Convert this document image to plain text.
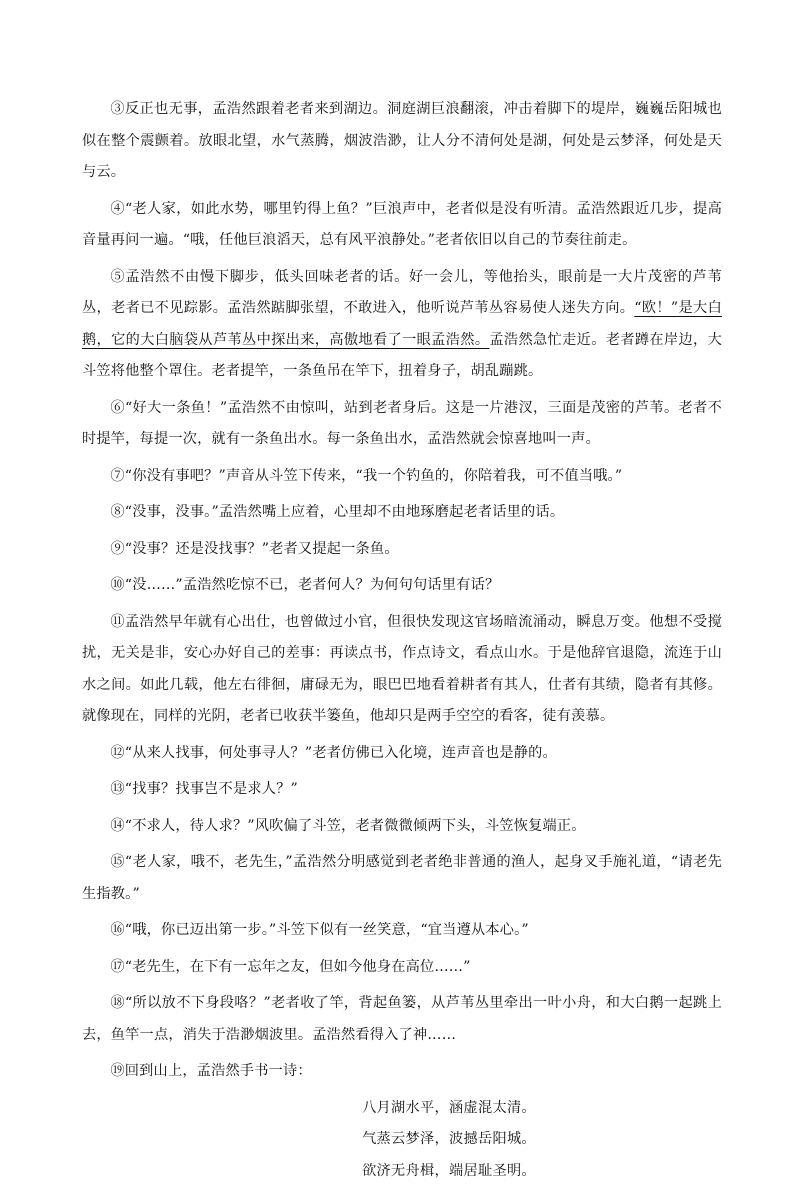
③反正也无事，孟浩然跟着老者来到湖边。洞庭湖巨浪翻滚，冲击着脚下的堤岸，巍巍岳阳城也似在整个震颤着。放眼北望，水气蒸腾，烟波浩渺，让人分不清何处是湖，何处是云梦泽，何处是天与云。

④“老人家，如此水势，哪里钓得上鱼？”巨浪声中，老者似是没有听清。孟浩然跟近几步，提高音量再问一遍。“哦，任他巨浪滔天，总有风平浪静处。”老者依旧以自己的节奏往前走。

⑤孟浩然不由慢下脚步，低头回味老者的话。好一会儿，等他抬头，眼前是一大片茂密的芦苇丛，老者已不见踪影。孟浩然踮脚张望，不敢进入，他听说芦苇丛容易使人迷失方向。“欧！”是大白鹅，它的大白脑袋从芦苇丛中探出来，高傲地看了一眼孟浩然。孟浩然急忙走近。老者蹲在岸边，大斗笠将他整个罩住。老者提竿，一条鱼吊在竿下，扭着身子，胡乱蹦跳。

⑥“好大一条鱼！”孟浩然不由惊叫，站到老者身后。这是一片港汊，三面是茂密的芦苇。老者不时提竿，每提一次，就有一条鱼出水。每一条鱼出水，孟浩然就会惊喜地叫一声。

⑦“你没有事吧？”声音从斗笠下传来，“我一个钓鱼的，你陪着我，可不值当哦。”

⑧“没事，没事。”孟浩然嘴上应着，心里却不由地琢磨起老者话里的话。

⑨“没事？还是没找事？”老者又提起一条鱼。

⑩“没……”孟浩然吃惊不已，老者何人？为何句句话里有话？

⑪孟浩然早年就有心出仕，也曾做过小官，但很快发现这官场暗流涌动，瞬息万变。他想不受搅扰，无关是非，安心办好自己的差事：再读点书，作点诗文，看点山水。于是他辞官退隐，流连于山水之间。如此几载，他左右徘徊，庸碌无为，眼巴巴地看着耕者有其人，仕者有其绩，隐者有其修。就像现在，同样的光阴，老者已收获半篓鱼，他却只是两手空空的看客，徒有羡慕。

⑫“从来人找事，何处事寻人？”老者仿佛已入化境，连声音也是静的。

⑬“找事？找事岂不是求人？”

⑭“不求人，待人求？”风吹偏了斗笠，老者微微倾两下头，斗笠恢复端正。

⑮“老人家，哦不，老先生，”孟浩然分明感觉到老者绝非普通的渔人，起身叉手施礼道，“请老先生指教。”

⑯“哦，你已迈出第一步。”斗笠下似有一丝笑意，“宜当遵从本心。”

⑰“老先生，在下有一忘年之友，但如今他身在高位……”

⑱“所以放不下身段咯？”老者收了竿，背起鱼篓，从芦苇丛里牵出一叶小舟，和大白鹅一起跳上去，鱼竿一点，消失于浩渺烟波里。孟浩然看得入了神……

⑲回到山上，孟浩然手书一诗：

八月湖水平，涵虚混太清。
气蒸云梦泽，波撼岳阳城。
欲济无舟楫，端居耻圣明。
